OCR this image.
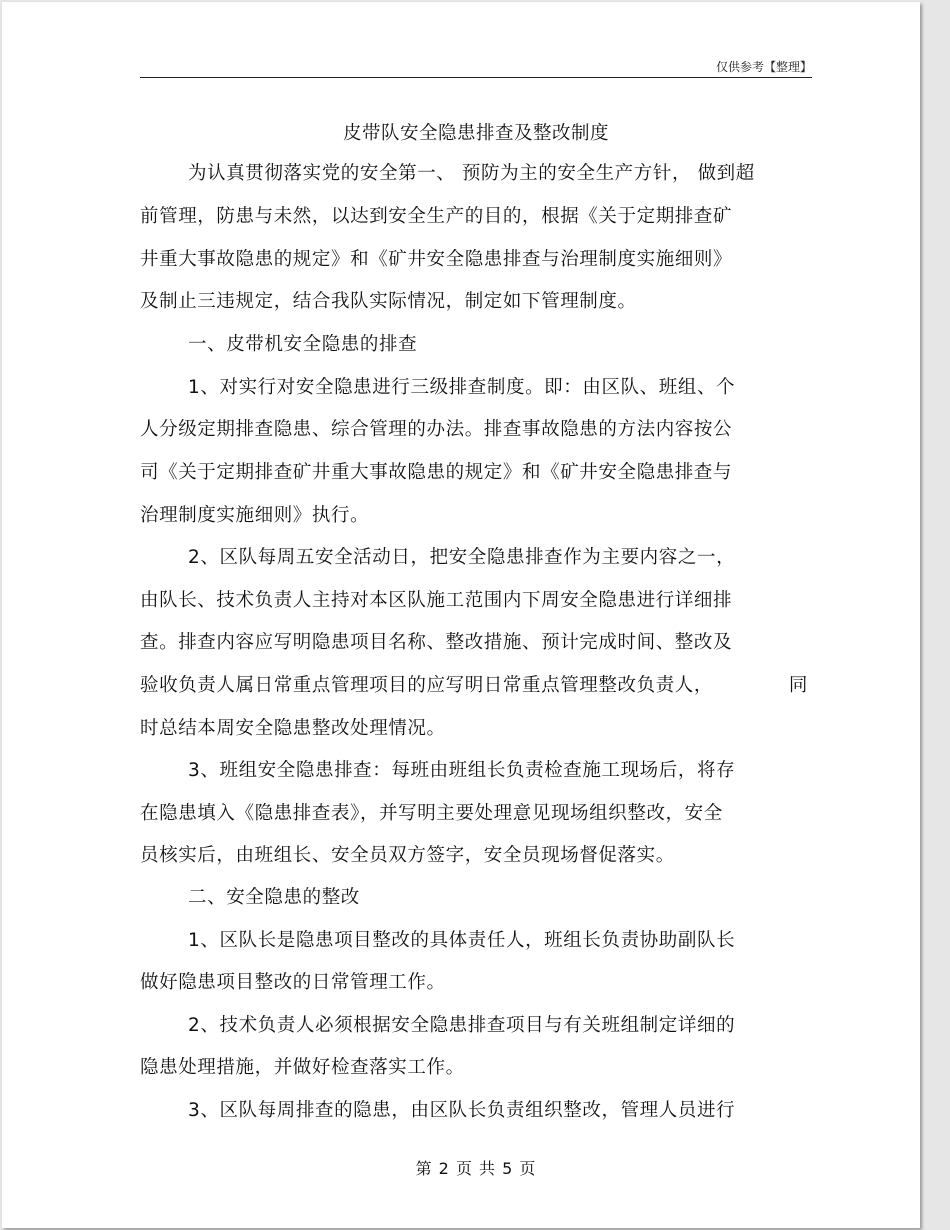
仅供参考【整理】
皮带队安全隐患排查及整改制度
为认真贯彻落实党的安全第一、 预防为主的安全生产方针， 做到超
前管理，防患与未然，以达到安全生产的目的，根据《关于定期排查矿
井重大事故隐患的规定》和《矿井安全隐患排查与治理制度实施细则》
及制止三违规定，结合我队实际情况，制定如下管理制度。
一、皮带机安全隐患的排查
1、对实行对安全隐患进行三级排查制度。即：由区队、班组、个
人分级定期排查隐患、综合管理的办法。排查事故隐患的方法内容按公
司《关于定期排查矿井重大事故隐患的规定》和《矿井安全隐患排查与
治理制度实施细则》执行。
2、区队每周五安全活动日，把安全隐患排查作为主要内容之一，
由队长、技术负责人主持对本区队施工范围内下周安全隐患进行详细排
查。排查内容应写明隐患项目名称、整改措施、预计完成时间、整改及
验收负责人属日常重点管理项目的应写明日常重点管理整改负责人，	同
时总结本周安全隐患整改处理情况。
3、班组安全隐患排查：每班由班组长负责检查施工现场后，将存
在隐患填入《隐患排查表》，并写明主要处理意见现场组织整改，安全
员核实后，由班组长、安全员双方签字，安全员现场督促落实。
二、安全隐患的整改
1、区队长是隐患项目整改的具体责任人，班组长负责协助副队长
做好隐患项目整改的日常管理工作。
2、技术负责人必须根据安全隐患排查项目与有关班组制定详细的
隐患处理措施，并做好检查落实工作。
3、区队每周排查的隐患，由区队长负责组织整改，管理人员进行
第 2 页 共 5 页
